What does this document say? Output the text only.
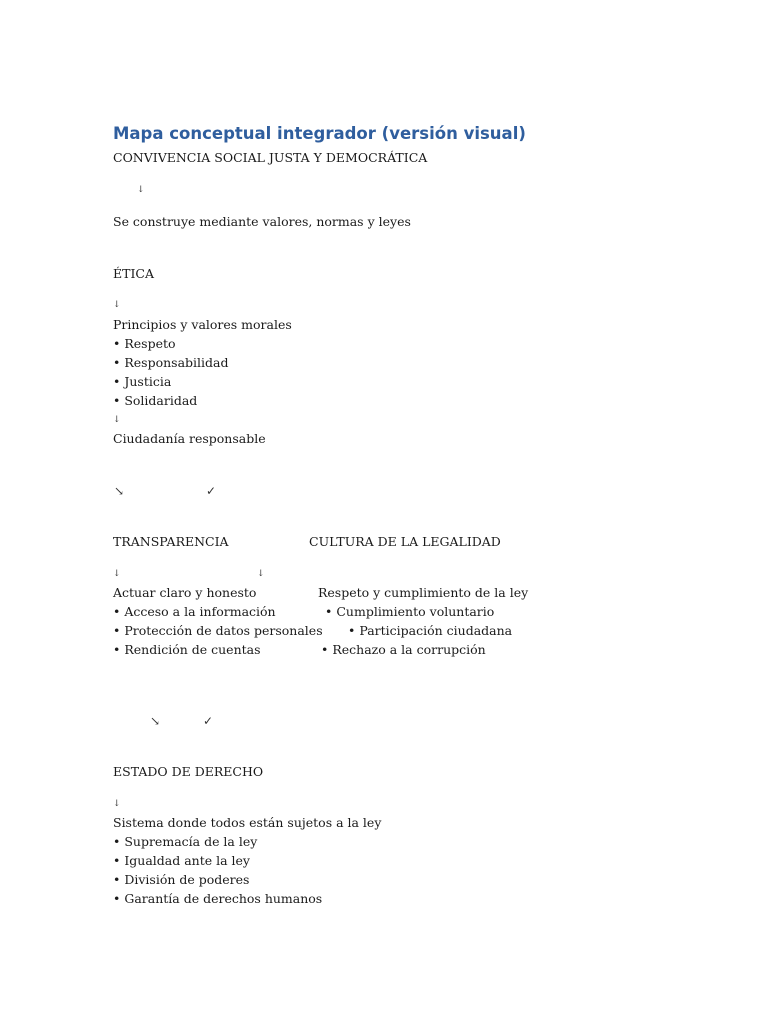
Mapa conceptual integrador (versión visual)
CONVIVENCIA SOCIAL JUSTA Y DEMOCRÁTICA
↓
Se construye mediante valores, normas y leyes
ÉTICA
↓
Principios y valores morales
• Respeto
• Responsabilidad
• Justicia
• Solidaridad
↓
Ciudadanía responsable
↘	✓
TRANSPARENCIA
↓
Actuar claro y honesto
• Acceso a la información
• Protección de datos personales
• Rendición de cuentas
CULTURA DE LA LEGALIDAD
↓
Respeto y cumplimiento de la ley
• Cumplimiento voluntario
• Participación ciudadana
• Rechazo a la corrupción
↘	✓
ESTADO DE DERECHO
↓
Sistema donde todos están sujetos a la ley
• Supremacía de la ley
• Igualdad ante la ley
• División de poderes
• Garantía de derechos humanos
